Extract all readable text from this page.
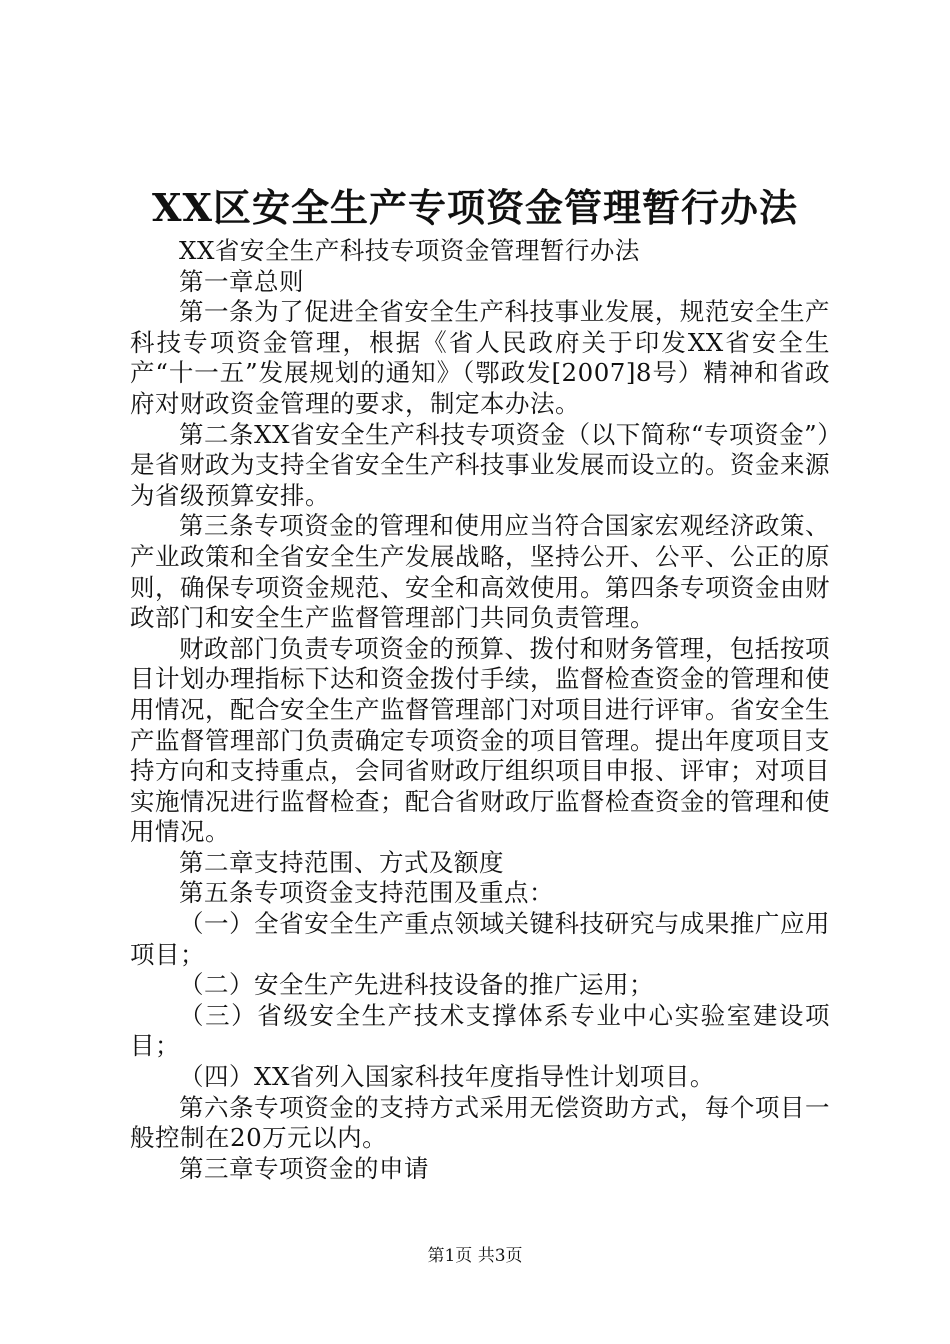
XX区安全生产专项资金管理暂行办法

XX省安全生产科技专项资金管理暂行办法

第一章总则

第一条为了促进全省安全生产科技事业发展，规范安全生产科技专项资金管理，根据《省人民政府关于印发XX省安全生产“十一五”发展规划的通知》（鄂政发[2007]8号）精神和省政府对财政资金管理的要求，制定本办法。

第二条XX省安全生产科技专项资金（以下简称“专项资金”）是省财政为支持全省安全生产科技事业发展而设立的。资金来源为省级预算安排。

第三条专项资金的管理和使用应当符合国家宏观经济政策、产业政策和全省安全生产发展战略，坚持公开、公平、公正的原则，确保专项资金规范、安全和高效使用。第四条专项资金由财政部门和安全生产监督管理部门共同负责管理。

财政部门负责专项资金的预算、拨付和财务管理，包括按项目计划办理指标下达和资金拨付手续，监督检查资金的管理和使用情况，配合安全生产监督管理部门对项目进行评审。省安全生产监督管理部门负责确定专项资金的项目管理。提出年度项目支持方向和支持重点，会同省财政厅组织项目申报、评审；对项目实施情况进行监督检查；配合省财政厅监督检查资金的管理和使用情况。

第二章支持范围、方式及额度

第五条专项资金支持范围及重点：

（一）全省安全生产重点领域关键科技研究与成果推广应用项目；

（二）安全生产先进科技设备的推广运用；

（三）省级安全生产技术支撑体系专业中心实验室建设项目；

（四）XX省列入国家科技年度指导性计划项目。

第六条专项资金的支持方式采用无偿资助方式，每个项目一般控制在20万元以内。

第三章专项资金的申请

第1页 共3页
